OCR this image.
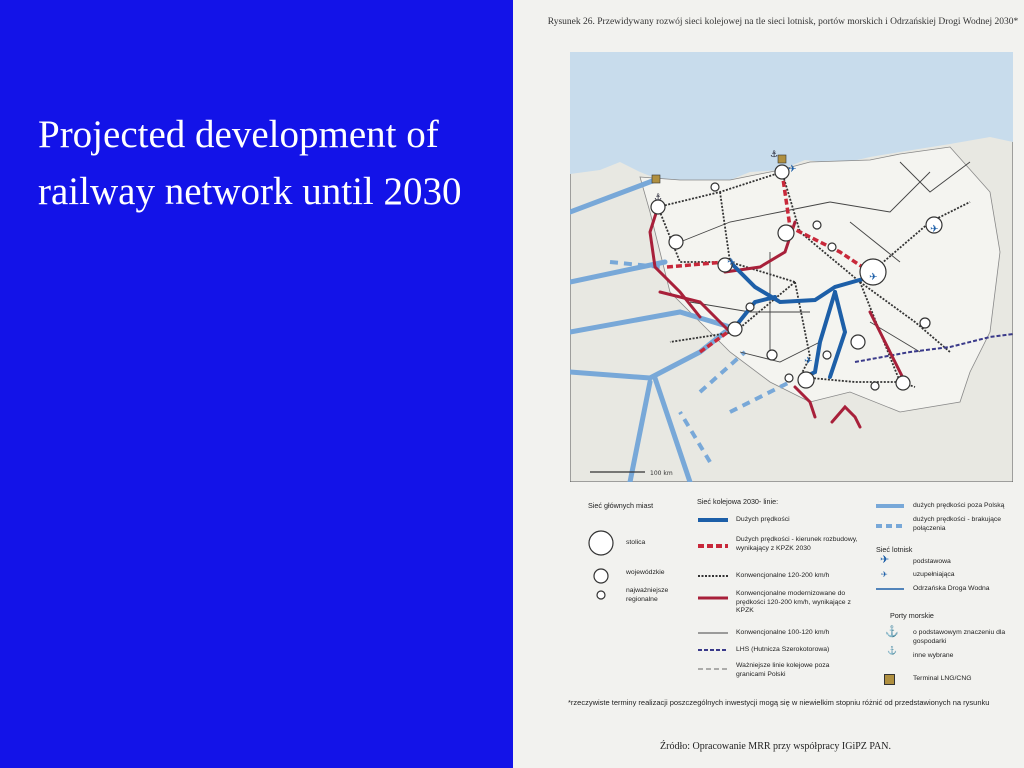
Projected development of railway network until 2030
Rysunek 26. Przewidywany rozwój sieci kolejowej na tle sieci lotnisk, portów morskich i Odrzańskiej Drogi Wodnej 2030*
✈
✈
✈
✈
✈
⚓
⚓
100 km
Sieć głównych miast
stolica
wojewódzkie
najważniejsze regionalne
Sieć kolejowa 2030- linie:
Dużych prędkości
Dużych prędkości - kierunek rozbudowy, wynikający z KPZK 2030
Konwencjonalne 120-200 km/h
Konwencjonalne modernizowane do prędkości 120-200 km/h, wynikające z KPZK
Konwencjonalne 100-120 km/h
LHS (Hutnicza Szerokotorowa)
Ważniejsze linie kolejowe poza granicami Polski
dużych prędkości poza Polską
dużych prędkości - brakujące połączenia
Sieć lotnisk
✈
✈
podstawowa
uzupełniająca
Odrzańska Droga Wodna
Porty morskie
⚓
⚓
o podstawowym znaczeniu dla gospodarki
inne wybrane
Terminal LNG/CNG
*rzeczywiste terminy realizacji poszczególnych inwestycji mogą się w niewielkim stopniu różnić od przedstawionych na rysunku
Źródło: Opracowanie MRR przy współpracy IGiPZ PAN.
